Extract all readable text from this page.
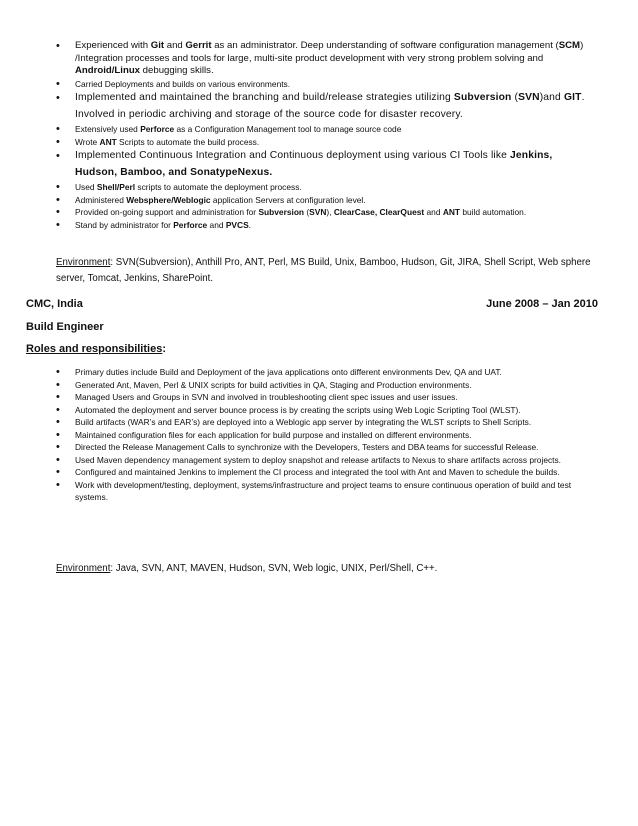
• Experienced with Git and Gerrit as an administrator. Deep understanding of software configuration management (SCM) /Integration processes and tools for large, multi-site product development with very strong problem solving and Android/Linux debugging skills.
• Carried Deployments and builds on various environments.
• Implemented and maintained the branching and build/release strategies utilizing Subversion (SVN)and GIT. Involved in periodic archiving and storage of the source code for disaster recovery.
• Extensively used Perforce as a Configuration Management tool to manage source code
• Wrote ANT Scripts to automate the build process.
• Implemented Continuous Integration and Continuous deployment using various CI Tools like Jenkins, Hudson, Bamboo, and SonatypeNexus.
• Used Shell/Perl scripts to automate the deployment process.
• Administered Websphere/Weblogic application Servers at configuration level.
• Provided on-going support and administration for Subversion (SVN), ClearCase, ClearQuest and ANT build automation.
• Stand by administrator for Perforce and PVCS.
Environment: SVN(Subversion), Anthill Pro, ANT, Perl, MS Build, Unix, Bamboo, Hudson, Git, JIRA, Shell Script, Web sphere server, Tomcat, Jenkins, SharePoint.
CMC, India	June 2008 – Jan 2010
Build Engineer
Roles and responsibilities:
• Primary duties include Build and Deployment of the java applications onto different environments Dev, QA and UAT.
• Generated Ant, Maven, Perl & UNIX scripts for build activities in QA, Staging and Production environments.
• Managed Users and Groups in SVN and involved in troubleshooting client spec issues and user issues.
• Automated the deployment and server bounce process is by creating the scripts using Web Logic Scripting Tool (WLST).
• Build artifacts (WAR’s and EAR’s) are deployed into a Weblogic app server by integrating the WLST scripts to Shell Scripts.
• Maintained configuration files for each application for build purpose and installed on different environments.
• Directed the Release Management Calls to synchronize with the Developers, Testers and DBA teams for successful Release.
• Used Maven dependency management system to deploy snapshot and release artifacts to Nexus to share artifacts across projects.
• Configured and maintained Jenkins to implement the CI process and integrated the tool with Ant and Maven to schedule the builds.
• Work with development/testing, deployment, systems/infrastructure and project teams to ensure continuous operation of build and test systems.
Environment: Java, SVN, ANT, MAVEN, Hudson, SVN, Web logic, UNIX, Perl/Shell, C++.
